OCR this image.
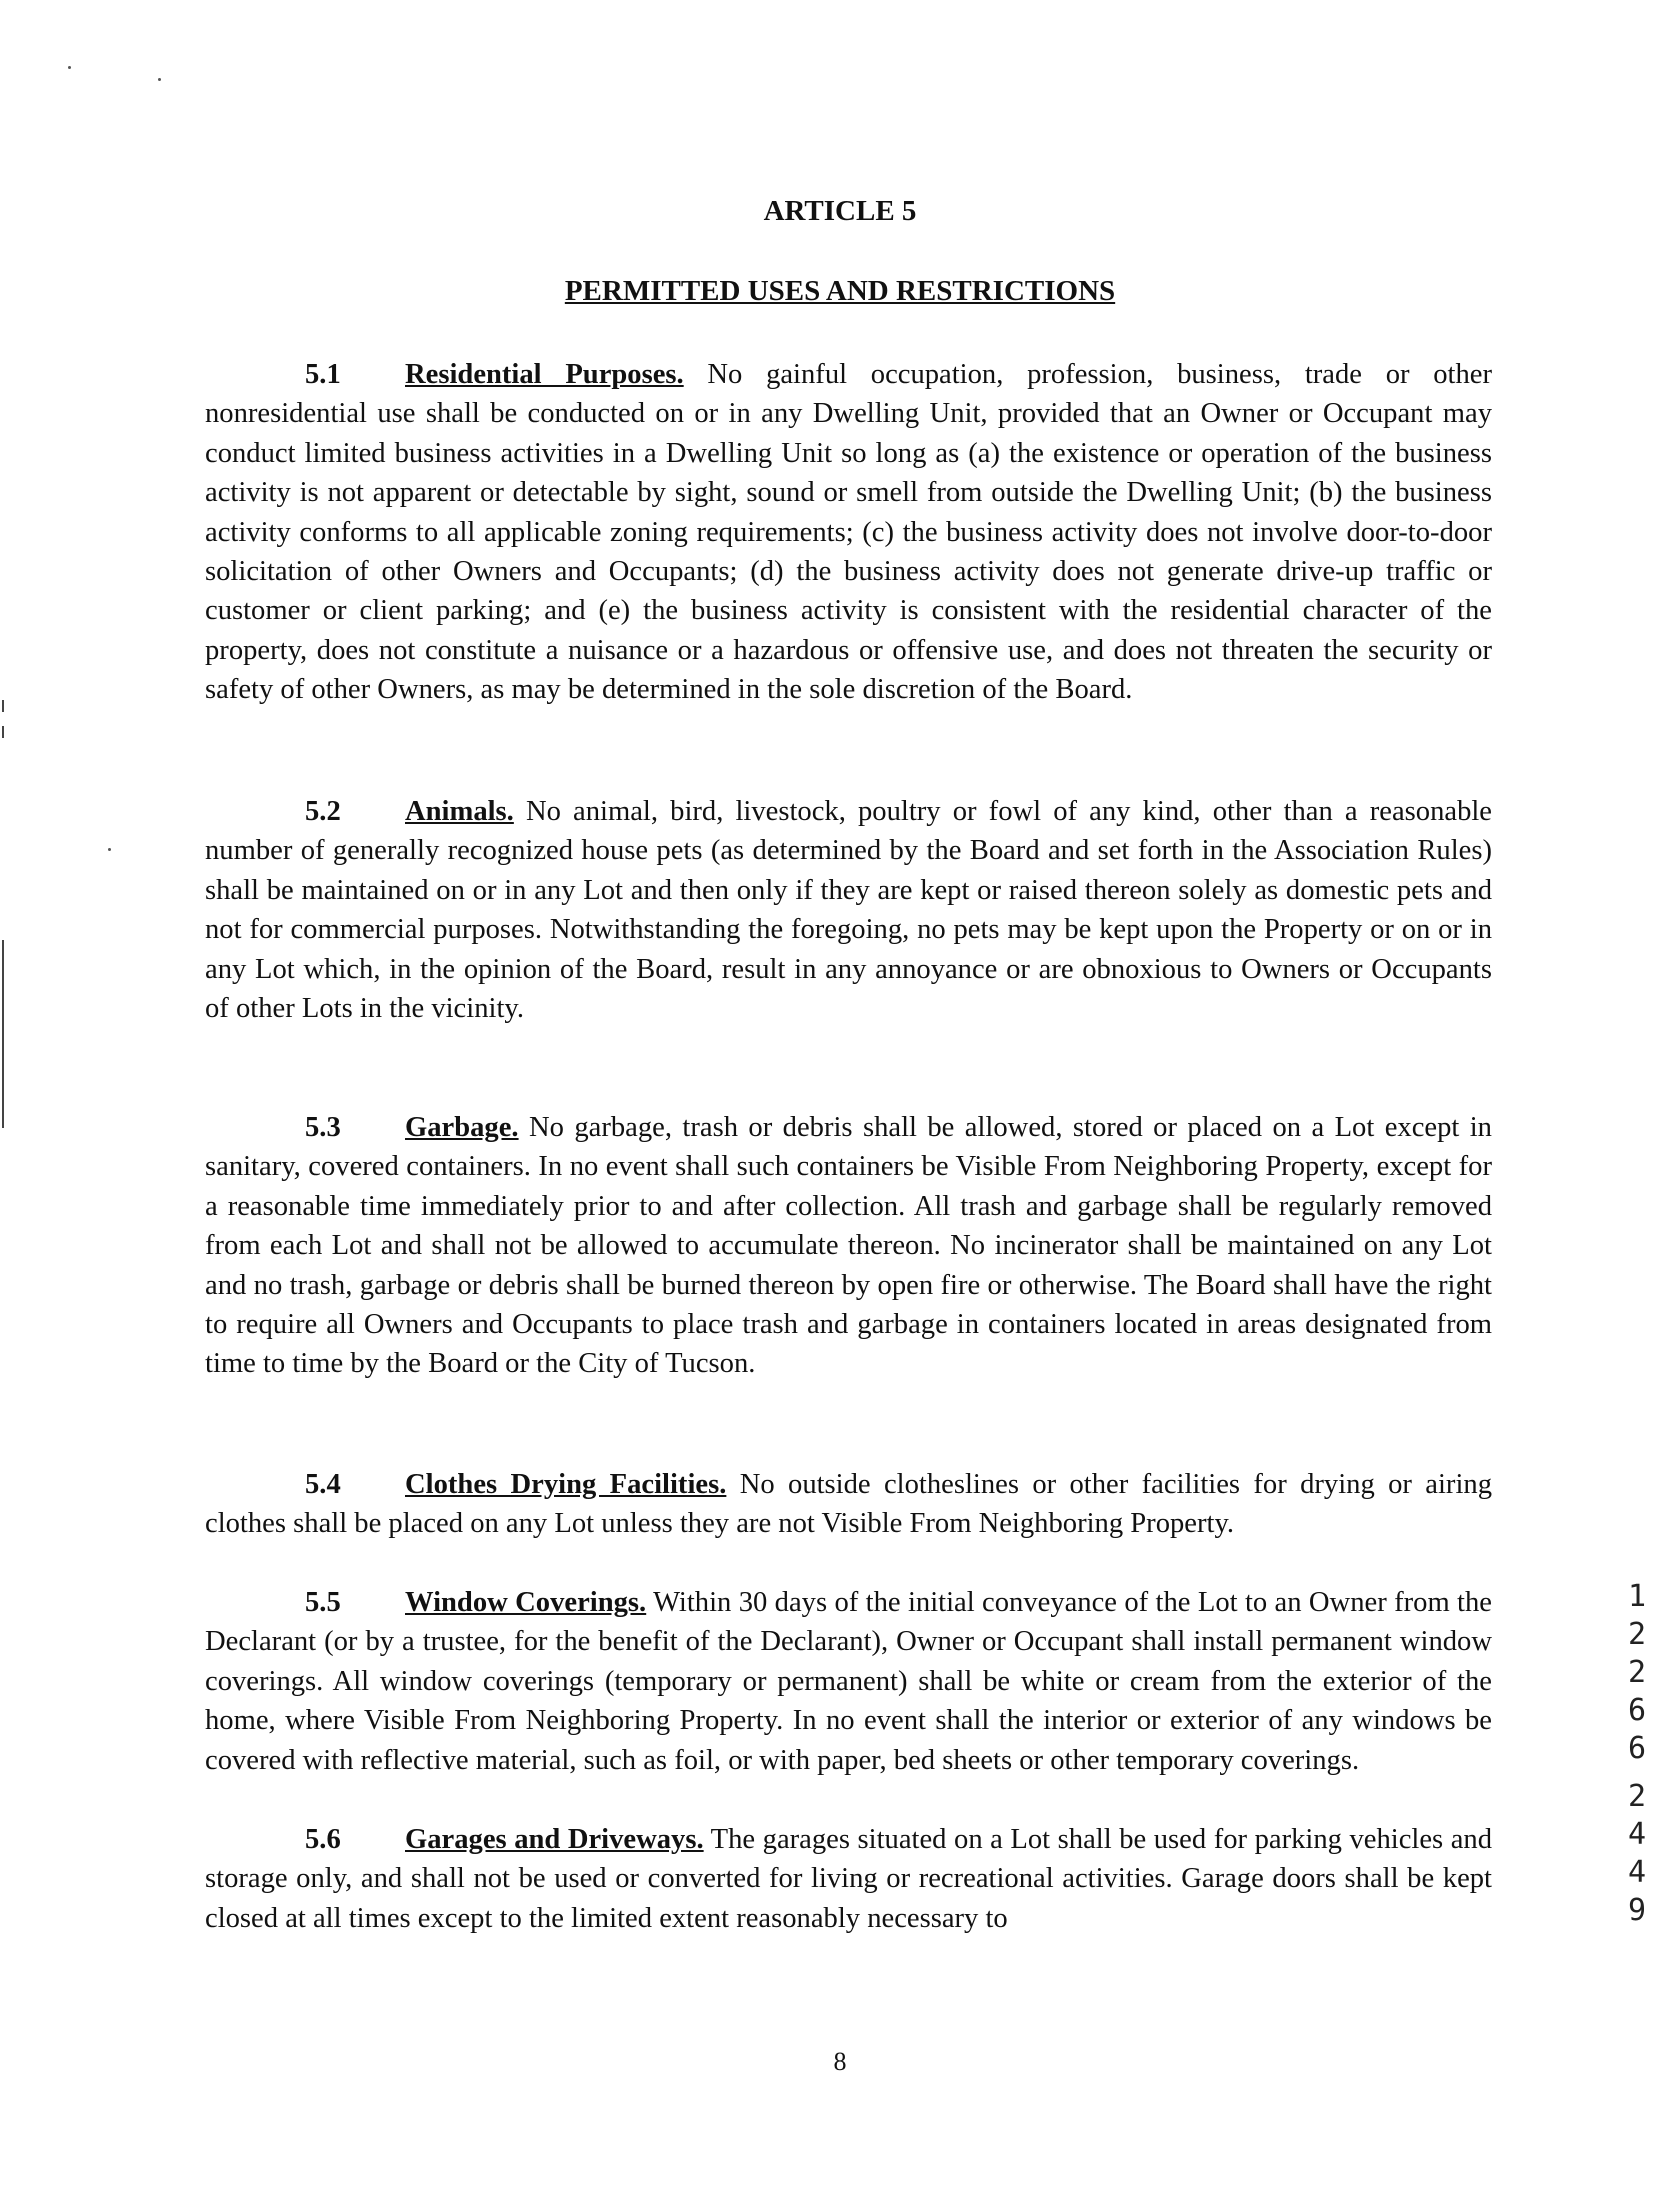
ARTICLE 5
PERMITTED USES AND RESTRICTIONS

5.1 Residential Purposes. No gainful occupation, profession, business, trade or other nonresidential use shall be conducted on or in any Dwelling Unit, provided that an Owner or Occupant may conduct limited business activities in a Dwelling Unit so long as (a) the existence or operation of the business activity is not apparent or detectable by sight, sound or smell from outside the Dwelling Unit; (b) the business activity conforms to all applicable zoning requirements; (c) the business activity does not involve door-to-door solicitation of other Owners and Occupants; (d) the business activity does not generate drive-up traffic or customer or client parking; and (e) the business activity is consistent with the residential character of the property, does not constitute a nuisance or a hazardous or offensive use, and does not threaten the security or safety of other Owners, as may be determined in the sole discretion of the Board.

5.2 Animals. No animal, bird, livestock, poultry or fowl of any kind, other than a reasonable number of generally recognized house pets (as determined by the Board and set forth in the Association Rules) shall be maintained on or in any Lot and then only if they are kept or raised thereon solely as domestic pets and not for commercial purposes. Notwithstanding the foregoing, no pets may be kept upon the Property or on or in any Lot which, in the opinion of the Board, result in any annoyance or are obnoxious to Owners or Occupants of other Lots in the vicinity.

5.3 Garbage. No garbage, trash or debris shall be allowed, stored or placed on a Lot except in sanitary, covered containers. In no event shall such containers be Visible From Neighboring Property, except for a reasonable time immediately prior to and after collection. All trash and garbage shall be regularly removed from each Lot and shall not be allowed to accumulate thereon. No incinerator shall be maintained on any Lot and no trash, garbage or debris shall be burned thereon by open fire or otherwise. The Board shall have the right to require all Owners and Occupants to place trash and garbage in containers located in areas designated from time to time by the Board or the City of Tucson.

5.4 Clothes Drying Facilities. No outside clotheslines or other facilities for drying or airing clothes shall be placed on any Lot unless they are not Visible From Neighboring Property.

5.5 Window Coverings. Within 30 days of the initial conveyance of the Lot to an Owner from the Declarant (or by a trustee, for the benefit of the Declarant), Owner or Occupant shall install permanent window coverings. All window coverings (temporary or permanent) shall be white or cream from the exterior of the home, where Visible From Neighboring Property. In no event shall the interior or exterior of any windows be covered with reflective material, such as foil, or with paper, bed sheets or other temporary coverings.

5.6 Garages and Driveways. The garages situated on a Lot shall be used for parking vehicles and storage only, and shall not be used or converted for living or recreational activities. Garage doors shall be kept closed at all times except to the limited extent reasonably necessary to

1
2
2
6
6
2
4
4
9
8
